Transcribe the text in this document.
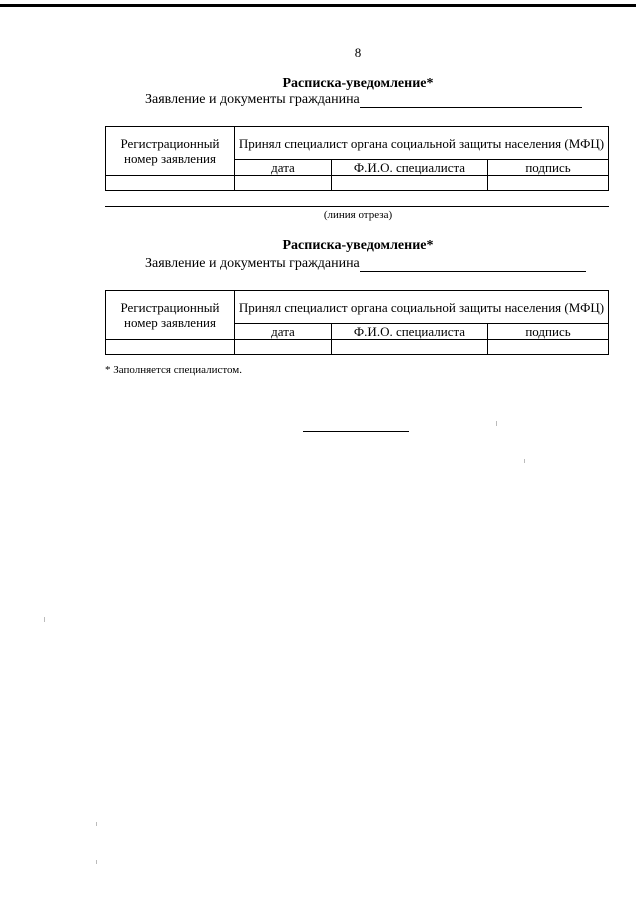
8
Расписка-уведомление*
Заявление и документы гражданина
Регистрационный номер заявления	Принял специалист органа социальной защиты населения (МФЦ)		
	дата	Ф.И.О. специалиста	подпись

(линия отреза)
Расписка-уведомление*
Заявление и документы гражданина
Регистрационный номер заявления	Принял специалист органа социальной защиты населения (МФЦ)		
	дата	Ф.И.О. специалиста	подпись

* Заполняется специалистом.
